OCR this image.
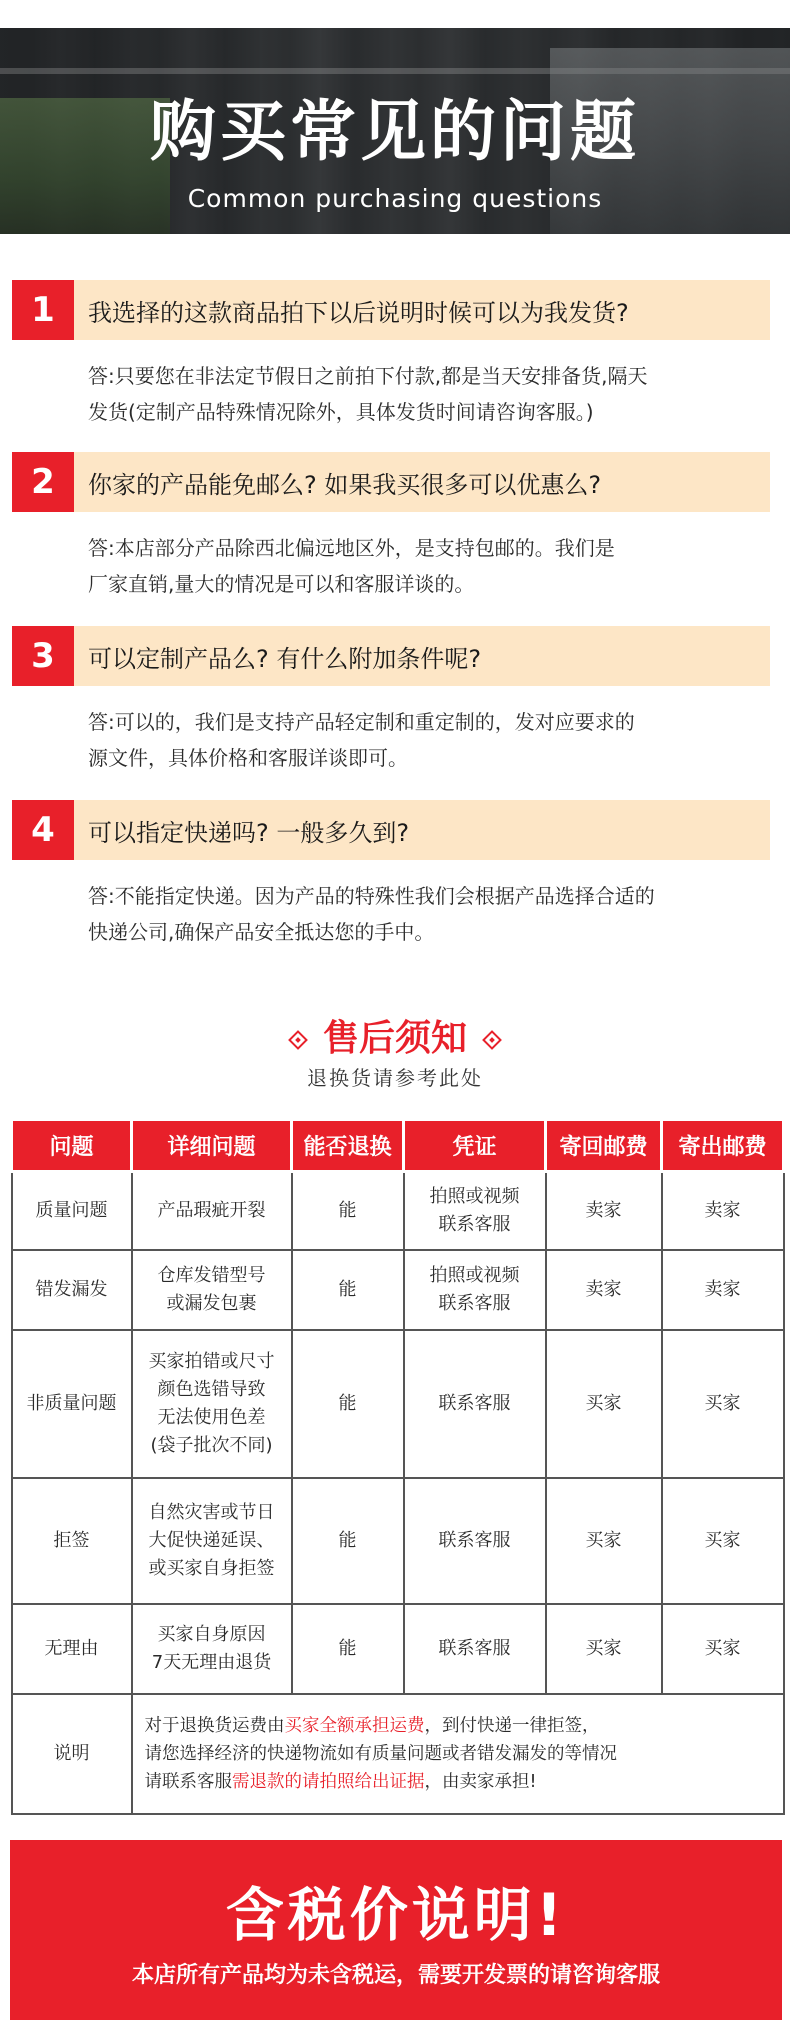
购买常见的问题
Common purchasing questions
1	我选择的这款商品拍下以后说明时候可以为我发货?
答:只要您在非法定节假日之前拍下付款,都是当天安排备货,隔天
发货(定制产品特殊情况除外，具体发货时间请咨询客服。)
2	你家的产品能免邮么? 如果我买很多可以优惠么?
答:本店部分产品除西北偏远地区外，是支持包邮的。我们是
厂家直销,量大的情况是可以和客服详谈的。
3	可以定制产品么? 有什么附加条件呢?
答:可以的，我们是支持产品轻定制和重定制的，发对应要求的
源文件，具体价格和客服详谈即可。
4	可以指定快递吗? 一般多久到?
答:不能指定快递。因为产品的特殊性我们会根据产品选择合适的
快递公司,确保产品安全抵达您的手中。
售后须知
退换货请参考此处
问题	详细问题	能否退换	凭证	寄回邮费	寄出邮费
质量问题	产品瑕疵开裂	能	拍照或视频
联系客服	卖家	卖家
错发漏发	仓库发错型号
或漏发包裹	能	拍照或视频
联系客服	卖家	卖家
非质量问题	买家拍错或尺寸
颜色选错导致
无法使用色差
(袋子批次不同)	能	联系客服	买家	买家
拒签	自然灾害或节日
大促快递延误、
或买家自身拒签	能	联系客服	买家	买家
无理由	买家自身原因
7天无理由退货	能	联系客服	买家	买家
说明	对于退换货运费由买家全额承担运费，到付快递一律拒签，
请您选择经济的快递物流如有质量问题或者错发漏发的等情况
请联系客服需退款的请拍照给出证据，由卖家承担!				
含税价说明!
本店所有产品均为未含税运，需要开发票的请咨询客服
